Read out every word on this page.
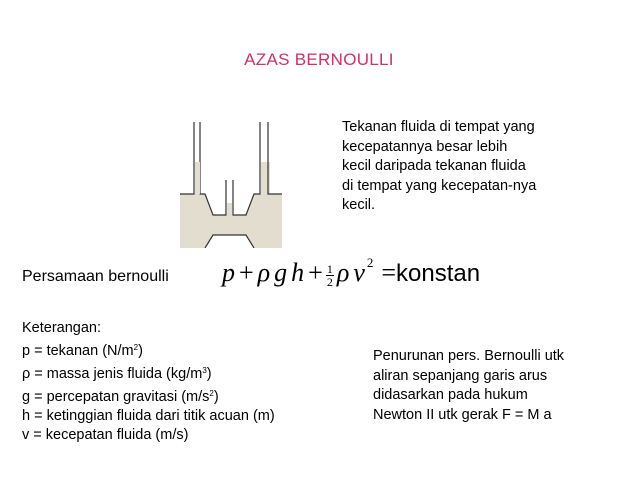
AZAS BERNOULLI
Tekanan fluida di tempat yang
kecepatannya besar lebih
kecil daripada tekanan fluida
di tempat yang kecepatan-nya
kecil.
Persamaan bernoulli p + ρ g $h + \frac{1}{2}$ ρ v $^2$ =konstan
Keterangan:
p = tekanan $(N/m^2)$
ρ = massa jenis fluida $(kg/m^3)$
g = percepatan gravitasi $(m/s^2)$
h = ketinggian fluida dari titik acuan (m)
v = kecepatan fluida (m/s)
Penurunan pers. Bernoulli utk
aliran sepanjang garis arus
didasarkan pada hukum
Newton II utk gerak F = M a
